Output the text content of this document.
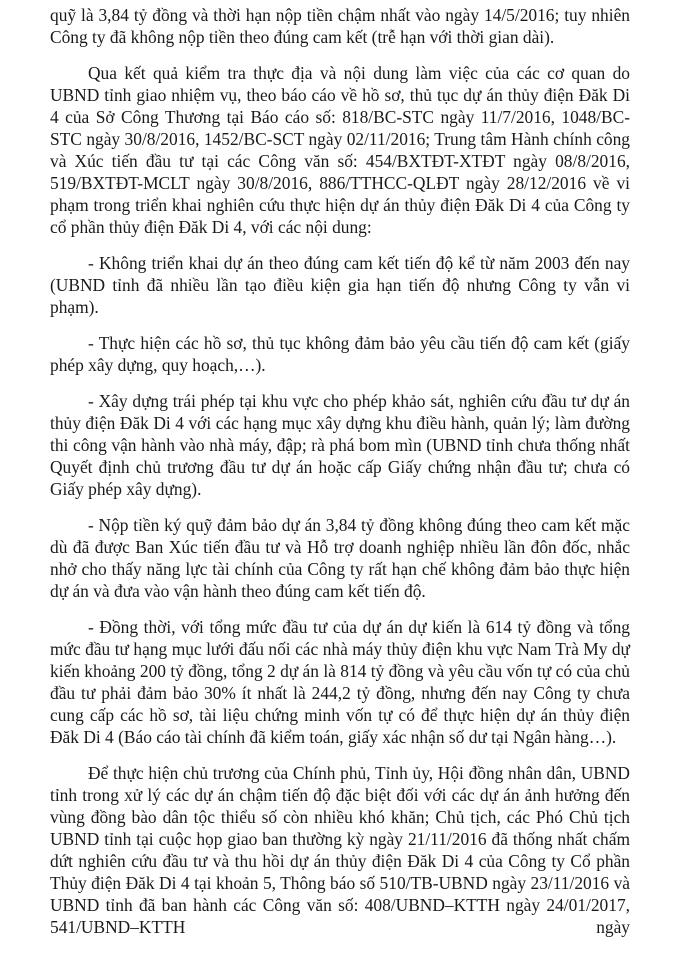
quỹ là 3,84 tỷ đồng và thời hạn nộp tiền chậm nhất vào ngày 14/5/2016; tuy nhiên Công ty đã không nộp tiền theo đúng cam kết (trễ hạn với thời gian dài).

Qua kết quả kiểm tra thực địa và nội dung làm việc của các cơ quan do UBND tỉnh giao nhiệm vụ, theo báo cáo về hồ sơ, thủ tục dự án thủy điện Đăk Di 4 của Sở Công Thương tại Báo cáo số: 818/BC-STC ngày 11/7/2016, 1048/BC-STC ngày 30/8/2016, 1452/BC-SCT ngày 02/11/2016; Trung tâm Hành chính công và Xúc tiến đầu tư tại các Công văn số: 454/BXTĐT-XTĐT ngày 08/8/2016, 519/BXTĐT-MCLT ngày 30/8/2016, 886/TTHCC-QLĐT ngày 28/12/2016 về vi phạm trong triển khai nghiên cứu thực hiện dự án thủy điện Đăk Di 4 của Công ty cổ phần thủy điện Đăk Di 4, với các nội dung:

- Không triển khai dự án theo đúng cam kết tiến độ kể từ năm 2003 đến nay (UBND tỉnh đã nhiều lần tạo điều kiện gia hạn tiến độ nhưng Công ty vẫn vi phạm).

- Thực hiện các hồ sơ, thủ tục không đảm bảo yêu cầu tiến độ cam kết (giấy phép xây dựng, quy hoạch,…).

- Xây dựng trái phép tại khu vực cho phép khảo sát, nghiên cứu đầu tư dự án thủy điện Đăk Di 4 với các hạng mục xây dựng khu điều hành, quản lý; làm đường thi công vận hành vào nhà máy, đập; rà phá bom mìn (UBND tỉnh chưa thống nhất Quyết định chủ trương đầu tư dự án hoặc cấp Giấy chứng nhận đầu tư; chưa có Giấy phép xây dựng).

- Nộp tiền ký quỹ đảm bảo dự án 3,84 tỷ đồng không đúng theo cam kết mặc dù đã được Ban Xúc tiến đầu tư và Hỗ trợ doanh nghiệp nhiều lần đôn đốc, nhắc nhở cho thấy năng lực tài chính của Công ty rất hạn chế không đảm bảo thực hiện dự án và đưa vào vận hành theo đúng cam kết tiến độ.

- Đồng thời, với tổng mức đầu tư của dự án dự kiến là 614 tỷ đồng và tổng mức đầu tư hạng mục lưới đấu nối các nhà máy thủy điện khu vực Nam Trà My dự kiến khoảng 200 tỷ đồng, tổng 2 dự án là 814 tỷ đồng và yêu cầu vốn tự có của chủ đầu tư phải đảm bảo 30% ít nhất là 244,2 tỷ đồng, nhưng đến nay Công ty chưa cung cấp các hồ sơ, tài liệu chứng minh vốn tự có để thực hiện dự án thủy điện Đăk Di 4 (Báo cáo tài chính đã kiểm toán, giấy xác nhận số dư tại Ngân hàng…).

Để thực hiện chủ trương của Chính phủ, Tỉnh ủy, Hội đồng nhân dân, UBND tỉnh trong xử lý các dự án chậm tiến độ đặc biệt đối với các dự án ảnh hưởng đến vùng đồng bào dân tộc thiểu số còn nhiều khó khăn; Chủ tịch, các Phó Chủ tịch UBND tỉnh tại cuộc họp giao ban thường kỳ ngày 21/11/2016 đã thống nhất chấm dứt nghiên cứu đầu tư và thu hồi dự án thủy điện Đăk Di 4 của Công ty Cổ phần Thủy điện Đăk Di 4 tại khoản 5, Thông báo số 510/TB-UBND ngày 23/11/2016 và UBND tỉnh đã ban hành các Công văn số: 408/UBND–KTTH ngày 24/01/2017, 541/UBND–KTTH ngày
